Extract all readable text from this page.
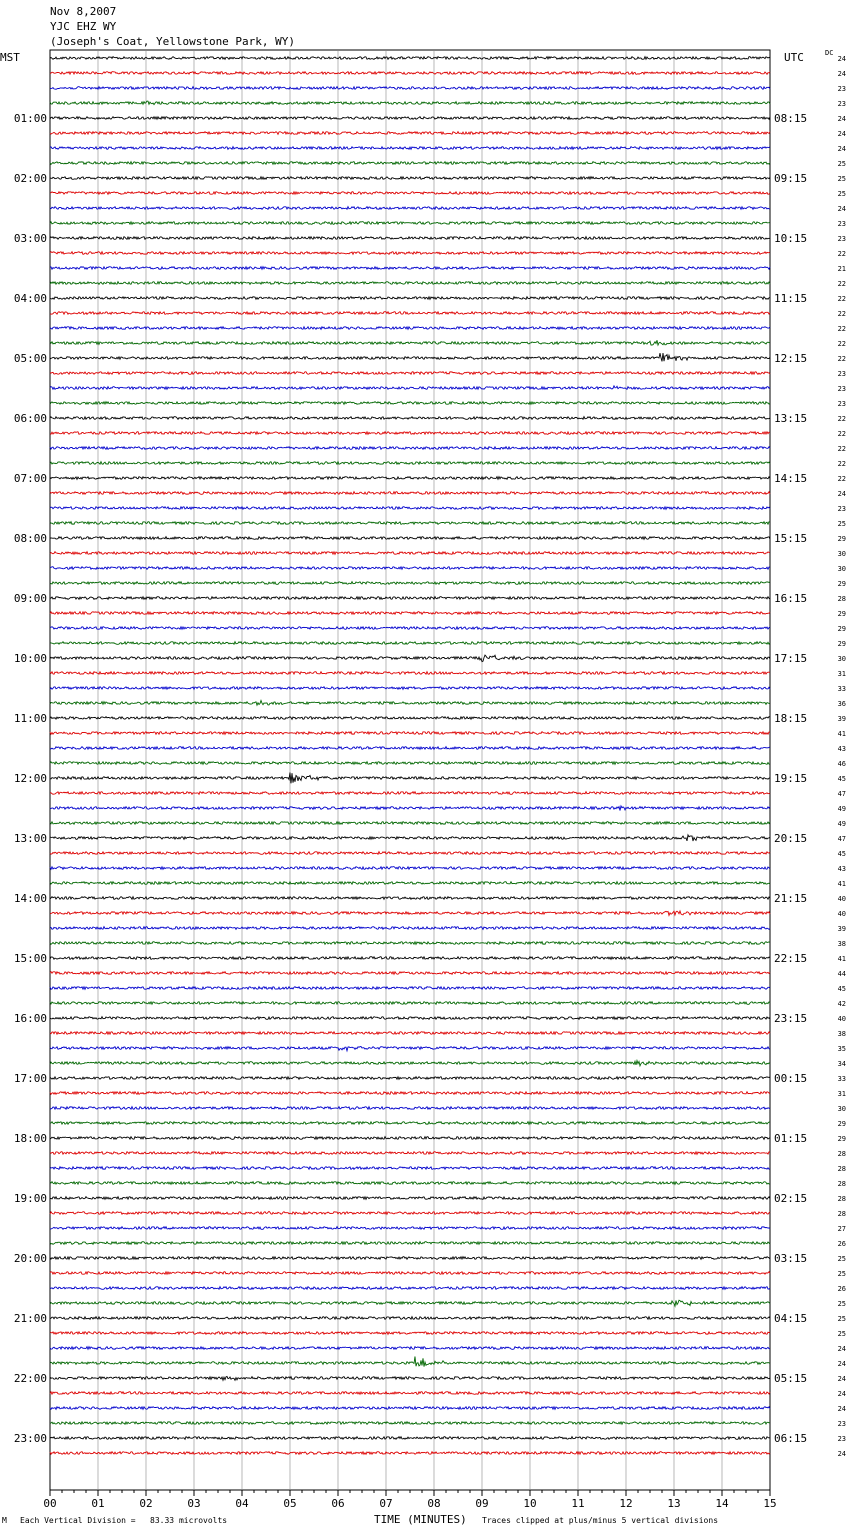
Nov 8,2007
YJC EHZ WY
(Joseph's Coat, Yellowstone Park, WY)
MST	UTC	DC
00	01	02	03	04	05	06	07	08	09	10	11	12	13	14	15
24
24
23
23
24
01:00	08:15
24
24
25
25
02:00	09:15
25
24
23
23
03:00	10:15
22
21
22
22
04:00	11:15
22
22
22
22
05:00	12:15
23
23
23
22
06:00	13:15
22
22
22
22
07:00	14:15
24
23
25
29
08:00	15:15
30
30
29
28
09:00	16:15
29
29
29
30
10:00	17:15
31
33
36
39
11:00	18:15
41
43
46
45
12:00	19:15
47
49
49
47
13:00	20:15
45
43
41
40
14:00	21:15
40
39
38
41
15:00	22:15
44
45
42
40
16:00	23:15
38
35
34
33
17:00	00:15
31
30
29
29
18:00	01:15
28
28
28
28
19:00	02:15
28
27
26
25
20:00	03:15
25
26
25
25
21:00	04:15
25
24
24
24
22:00	05:15
24
24
23
23
23:00	06:15
24
TIME (MINUTES)
M Each Vertical Division =   83.33 microvolts	Traces clipped at plus/minus 5 vertical divisions
